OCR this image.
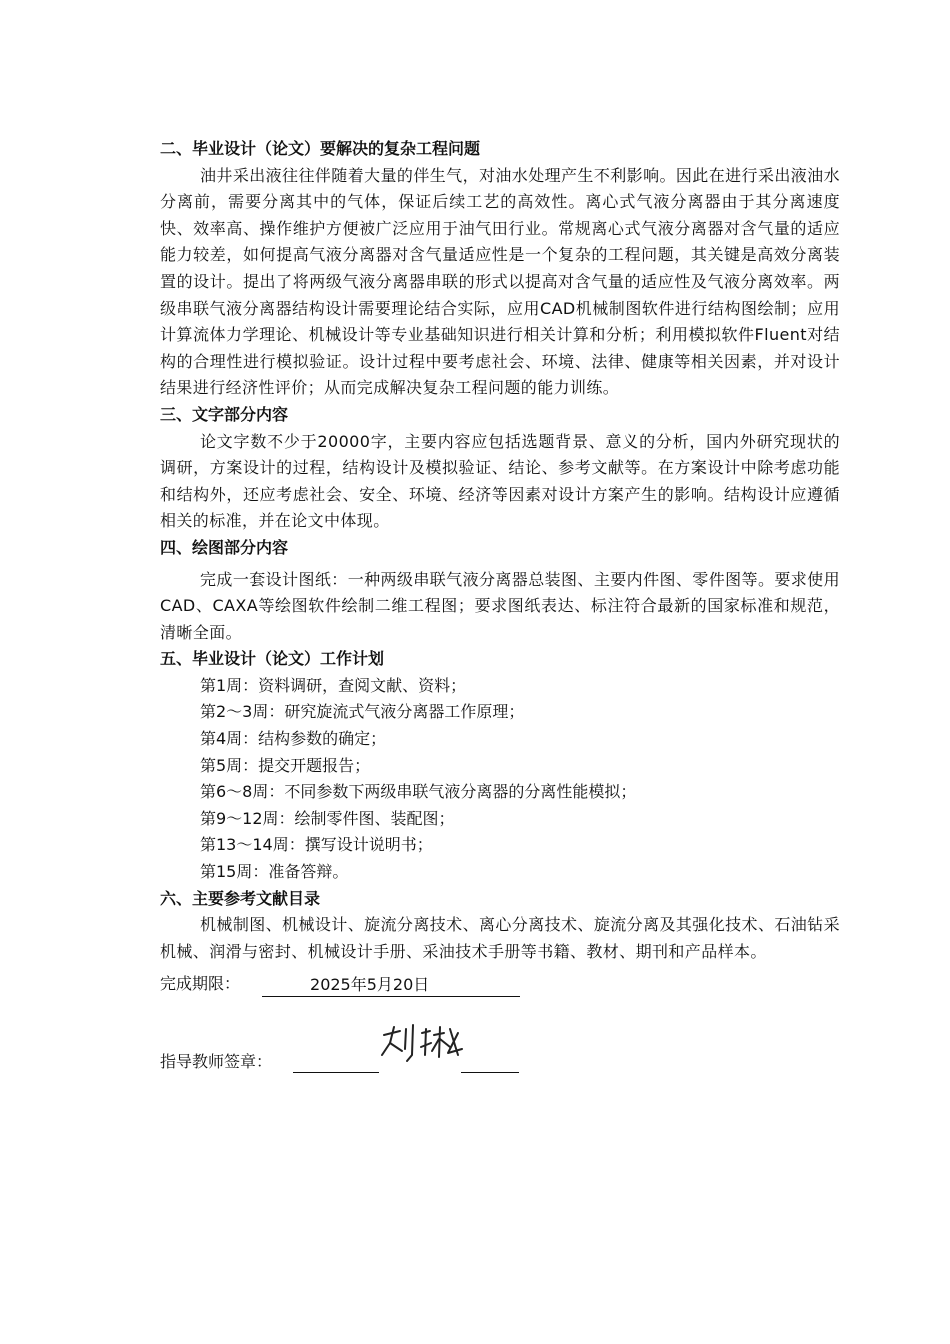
二、毕业设计（论文）要解决的复杂工程问题

油井采出液往往伴随着大量的伴生气，对油水处理产生不利影响。因此在进行采出液油水分离前，需要分离其中的气体，保证后续工艺的高效性。离心式气液分离器由于其分离速度快、效率高、操作维护方便被广泛应用于油气田行业。常规离心式气液分离器对含气量的适应能力较差，如何提高气液分离器对含气量适应性是一个复杂的工程问题，其关键是高效分离装置的设计。提出了将两级气液分离器串联的形式以提高对含气量的适应性及气液分离效率。两级串联气液分离器结构设计需要理论结合实际，应用CAD机械制图软件进行结构图绘制；应用计算流体力学理论、机械设计等专业基础知识进行相关计算和分析；利用模拟软件Fluent对结构的合理性进行模拟验证。设计过程中要考虑社会、环境、法律、健康等相关因素，并对设计结果进行经济性评价；从而完成解决复杂工程问题的能力训练。

三、文字部分内容

论文字数不少于20000字，主要内容应包括选题背景、意义的分析，国内外研究现状的调研，方案设计的过程，结构设计及模拟验证、结论、参考文献等。在方案设计中除考虑功能和结构外，还应考虑社会、安全、环境、经济等因素对设计方案产生的影响。结构设计应遵循相关的标准，并在论文中体现。

四、绘图部分内容

完成一套设计图纸：一种两级串联气液分离器总装图、主要内件图、零件图等。要求使用CAD、CAXA等绘图软件绘制二维工程图；要求图纸表达、标注符合最新的国家标准和规范，清晰全面。

五、毕业设计（论文）工作计划
第1周：资料调研，查阅文献、资料；
第2～3周：研究旋流式气液分离器工作原理；
第4周：结构参数的确定；
第5周：提交开题报告；
第6～8周：不同参数下两级串联气液分离器的分离性能模拟；
第9～12周：绘制零件图、装配图；
第13～14周：撰写设计说明书；
第15周：准备答辩。
六、主要参考文献目录

机械制图、机械设计、旋流分离技术、离心分离技术、旋流分离及其强化技术、石油钻采机械、润滑与密封、机械设计手册、采油技术手册等书籍、教材、期刊和产品样本。

完成期限：	2025年5月20日
指导教师签章：
